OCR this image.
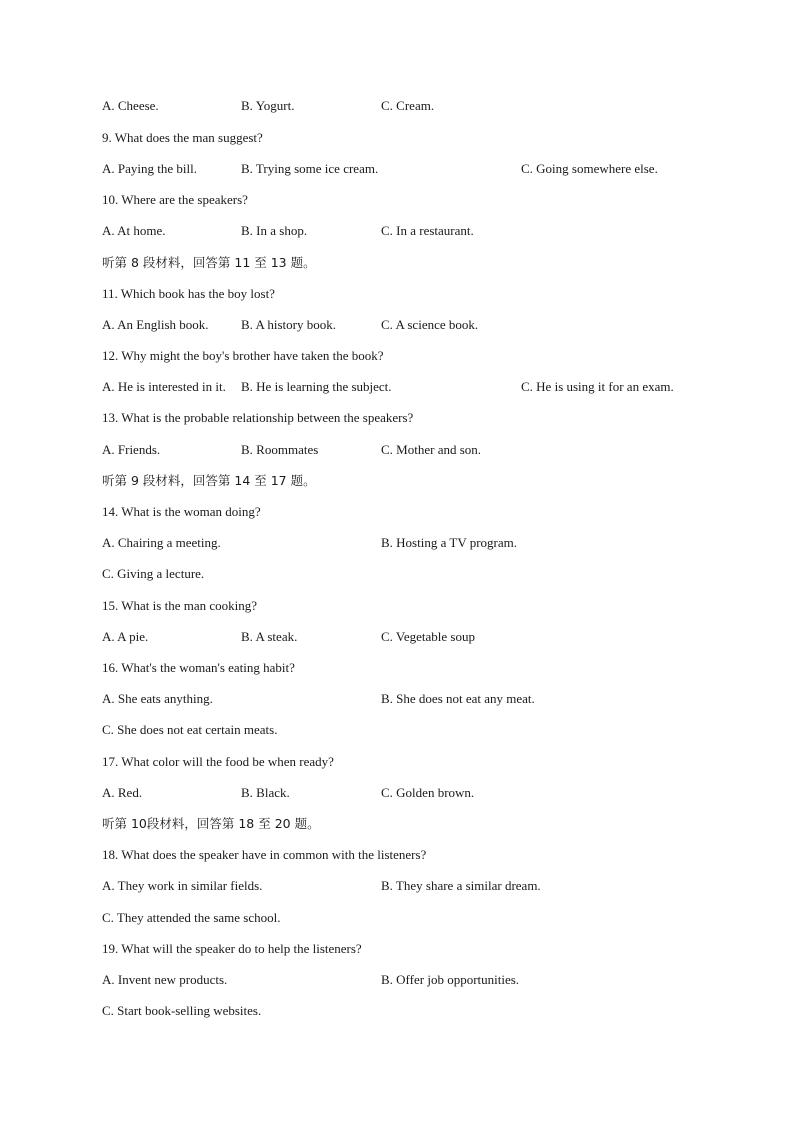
A. Cheese.	B. Yogurt.	C. Cream.
9. What does the man suggest?
A. Paying the bill.	B. Trying some ice cream.	C. Going somewhere else.
10. Where are the speakers?
A. At home.	B. In a shop.	C. In a restaurant.
听第 8 段材料，回答第 11 至 13 题。
11. Which book has the boy lost?
A. An English book. B. A history book.	C. A science book.
12. Why might the boy's brother have taken the book?
A. He is interested in it. B. He is learning the subject.	C. He is using it for an exam.
13. What is the probable relationship between the speakers?
A. Friends.	B. Roommates	C. Mother and son.
听第 9 段材料，回答第 14 至 17 题。
14. What is the woman doing?
A. Chairing a meeting.	B. Hosting a TV program.
C. Giving a lecture.
15. What is the man cooking?
A. A pie.	B. A steak.	C. Vegetable soup
16. What's the woman's eating habit?
A. She eats anything.	B. She does not eat any meat.
C. She does not eat certain meats.
17. What color will the food be when ready?
A. Red.	B. Black.	C. Golden brown.
听第 10段材料，回答第 18 至 20 题。
18. What does the speaker have in common with the listeners?
A. They work in similar fields.	B. They share a similar dream.
C. They attended the same school.
19. What will the speaker do to help the listeners?
A. Invent new products.	B. Offer job opportunities.
C. Start book-selling websites.
